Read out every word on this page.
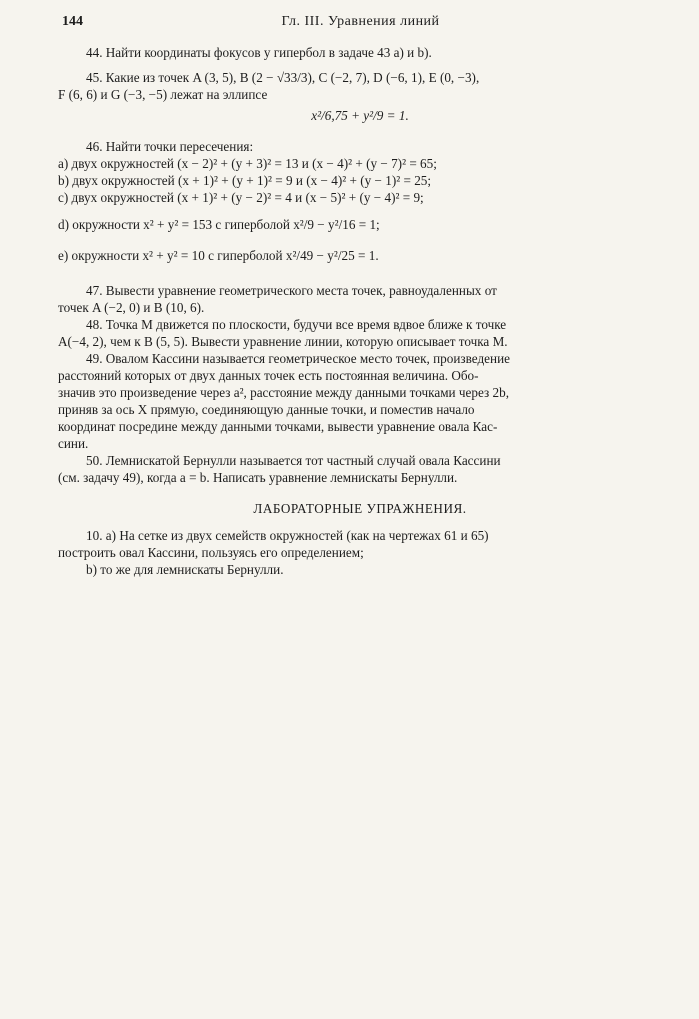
144	Гл. III. Уравнения линий
44. Найти координаты фокусов у гипербол в задаче 43 а) и b).
45. Какие из точек A (3, 5), B (2 − √33/3), C (−2, 7), D (−6, 1), E (0, −3),
F (6, 6) и G (−3, −5) лежат на эллипсе
x²/6,75 + y²/9 = 1.
46. Найти точки пересечения:
a) двух окружностей (x − 2)² + (y + 3)² = 13 и (x − 4)² + (y − 7)² = 65;
b) двух окружностей (x + 1)² + (y + 1)² = 9 и (x − 4)² + (y − 1)² = 25;
c) двух окружностей (x + 1)² + (y − 2)² = 4 и (x − 5)² + (y − 4)² = 9;
d) окружности x² + y² = 153 с гиперболой x²/9 − y²/16 = 1;
e) окружности x² + y² = 10 с гиперболой x²/49 − y²/25 = 1.
47. Вывести уравнение геометрического места точек, равноудаленных от
точек A (−2, 0) и B (10, 6).
48. Точка M движется по плоскости, будучи все время вдвое ближе к точке
A(−4, 2), чем к B (5, 5). Вывести уравнение линии, которую описывает точка M.
49. Овалом Кассини называется геометрическое место точек, произведение
расстояний которых от двух данных точек есть постоянная величина. Обо-
значив это произведение через a², расстояние между данными точками через 2b,
приняв за ось X прямую, соединяющую данные точки, и поместив начало
координат посредине между данными точками, вывести уравнение овала Кас-
сини.
50. Лемнискатой Бернулли называется тот частный случай овала Кассини
(см. задачу 49), когда a = b. Написать уравнение лемнискаты Бернулли.
ЛАБОРАТОРНЫЕ УПРАЖНЕНИЯ.
10. a) На сетке из двух семейств окружностей (как на чертежах 61 и 65)
построить овал Кассини, пользуясь его определением;
b) то же для лемнискаты Бернулли.
